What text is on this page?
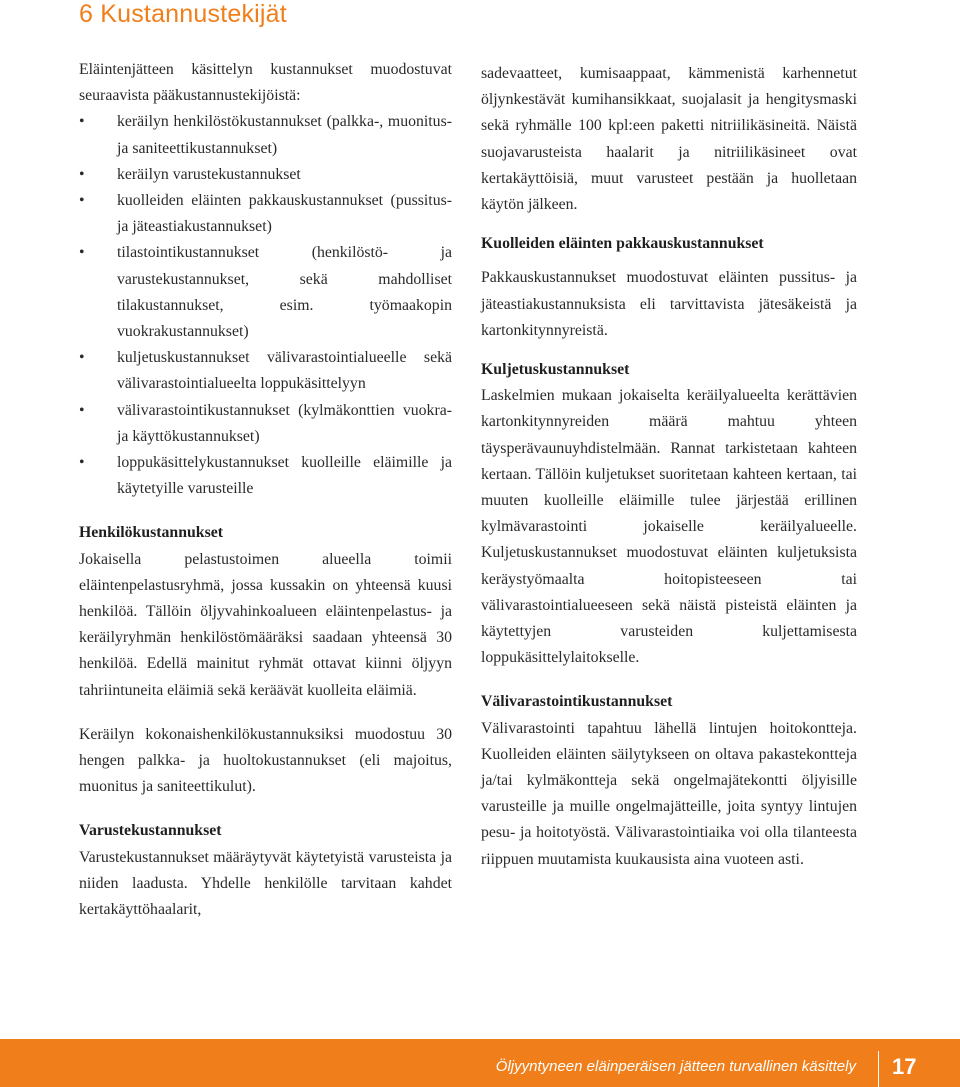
6 Kustannustekijät

Eläintenjätteen käsittelyn kustannukset muodostuvat seuraavista pääkustannustekijöistä:

• keräilyn henkilöstökustannukset (palkka-, muonitus- ja saniteettikustannukset)
• keräilyn varustekustannukset
• kuolleiden eläinten pakkauskustannukset (pussitus- ja jäteastiakustannukset)
• tilastointikustannukset (henkilöstö- ja varustekustannukset, sekä mahdolliset tilakustannukset, esim. työmaakopin vuokrakustannukset)
• kuljetuskustannukset välivarastointialueelle sekä välivarastointialueelta loppukäsittelyyn
• välivarastointikustannukset (kylmäkonttien vuokra- ja käyttökustannukset)
• loppukäsittelykustannukset kuolleille eläimille ja käytetyille varusteille

Henkilökustannukset

Jokaisella pelastustoimen alueella toimii eläintenpelastusryhmä, jossa kussakin on yhteensä kuusi henkilöä. Tällöin öljyvahinkoalueen eläintenpelastus- ja keräilyryhmän henkilöstömääräksi saadaan yhteensä 30 henkilöä. Edellä mainitut ryhmät ottavat kiinni öljyyn tahriintuneita eläimiä sekä keräävät kuolleita eläimiä.

Keräilyn kokonaishenkilökustannuksiksi muodostuu 30 hengen palkka- ja huoltokustannukset (eli majoitus, muonitus ja saniteettikulut).

Varustekustannukset

Varustekustannukset määräytyvät käytetyistä varusteista ja niiden laadusta. Yhdelle henkilölle tarvitaan kahdet kertakäyttöhaalarit,

sadevaatteet, kumisaappaat, kämmenistä karhennetut öljynkestävät kumihansikkaat, suojalasit ja hengitysmaski sekä ryhmälle 100 kpl:een paketti nitriilikäsineitä. Näistä suojavarusteista haalarit ja nitriilikäsineet ovat kertakäyttöisiä, muut varusteet pestään ja huolletaan käytön jälkeen.

Kuolleiden eläinten pakkauskustannukset

Pakkauskustannukset muodostuvat eläinten pussitus- ja jäteastiakustannuksista eli tarvittavista jätesäkeistä ja kartonkitynnyreistä.

Kuljetuskustannukset

Laskelmien mukaan jokaiselta keräilyalueelta kerättävien kartonkitynnyreiden määrä mahtuu yhteen täysperävaunuyhdistelmään. Rannat tarkistetaan kahteen kertaan. Tällöin kuljetukset suoritetaan kahteen kertaan, tai muuten kuolleille eläimille tulee järjestää erillinen kylmävarastointi jokaiselle keräilyalueelle. Kuljetuskustannukset muodostuvat eläinten kuljetuksista keräystyömaalta hoitopisteeseen tai välivarastointialueeseen sekä näistä pisteistä eläinten ja käytettyjen varusteiden kuljettamisesta loppukäsittelylaitokselle.

Välivarastointikustannukset

Välivarastointi tapahtuu lähellä lintujen hoitokontteja. Kuolleiden eläinten säilytykseen on oltava pakastekontteja ja/tai kylmäkontteja sekä ongelmajätekontti öljyisille varusteille ja muille ongelmajätteille, joita syntyy lintujen pesu- ja hoitotyöstä. Välivarastointiaika voi olla tilanteesta riippuen muutamista kuukausista aina vuoteen asti.

Öljyyntyneen eläinperäisen jätteen turvallinen käsittely 17
